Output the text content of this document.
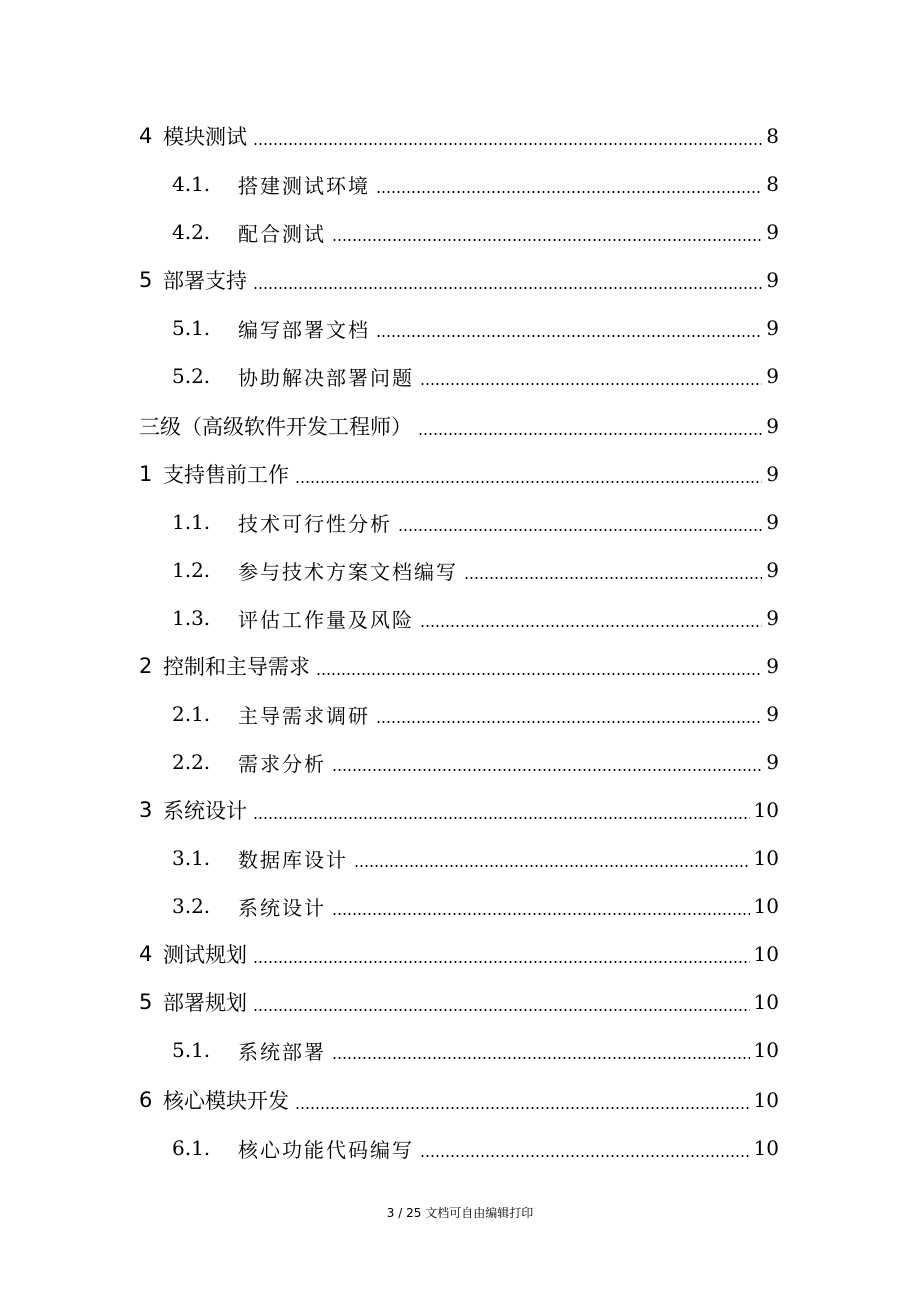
4 模块测试	8
4.1.	搭建测试环境	8
4.2.	配合测试	9
5 部署支持	9
5.1.	编写部署文档	9
5.2.	协助解决部署问题	9
三级（高级软件开发工程师）	9
1 支持售前工作	9
1.1.	技术可行性分析	9
1.2.	参与技术方案文档编写	9
1.3.	评估工作量及风险	9
2 控制和主导需求	9
2.1.	主导需求调研	9
2.2.	需求分析	9
3 系统设计	10
3.1.	数据库设计	10
3.2.	系统设计	10
4 测试规划	10
5 部署规划	10
5.1.	系统部署	10
6 核心模块开发	10
6.1.	核心功能代码编写	10
3 / 25 文档可自由编辑打印
